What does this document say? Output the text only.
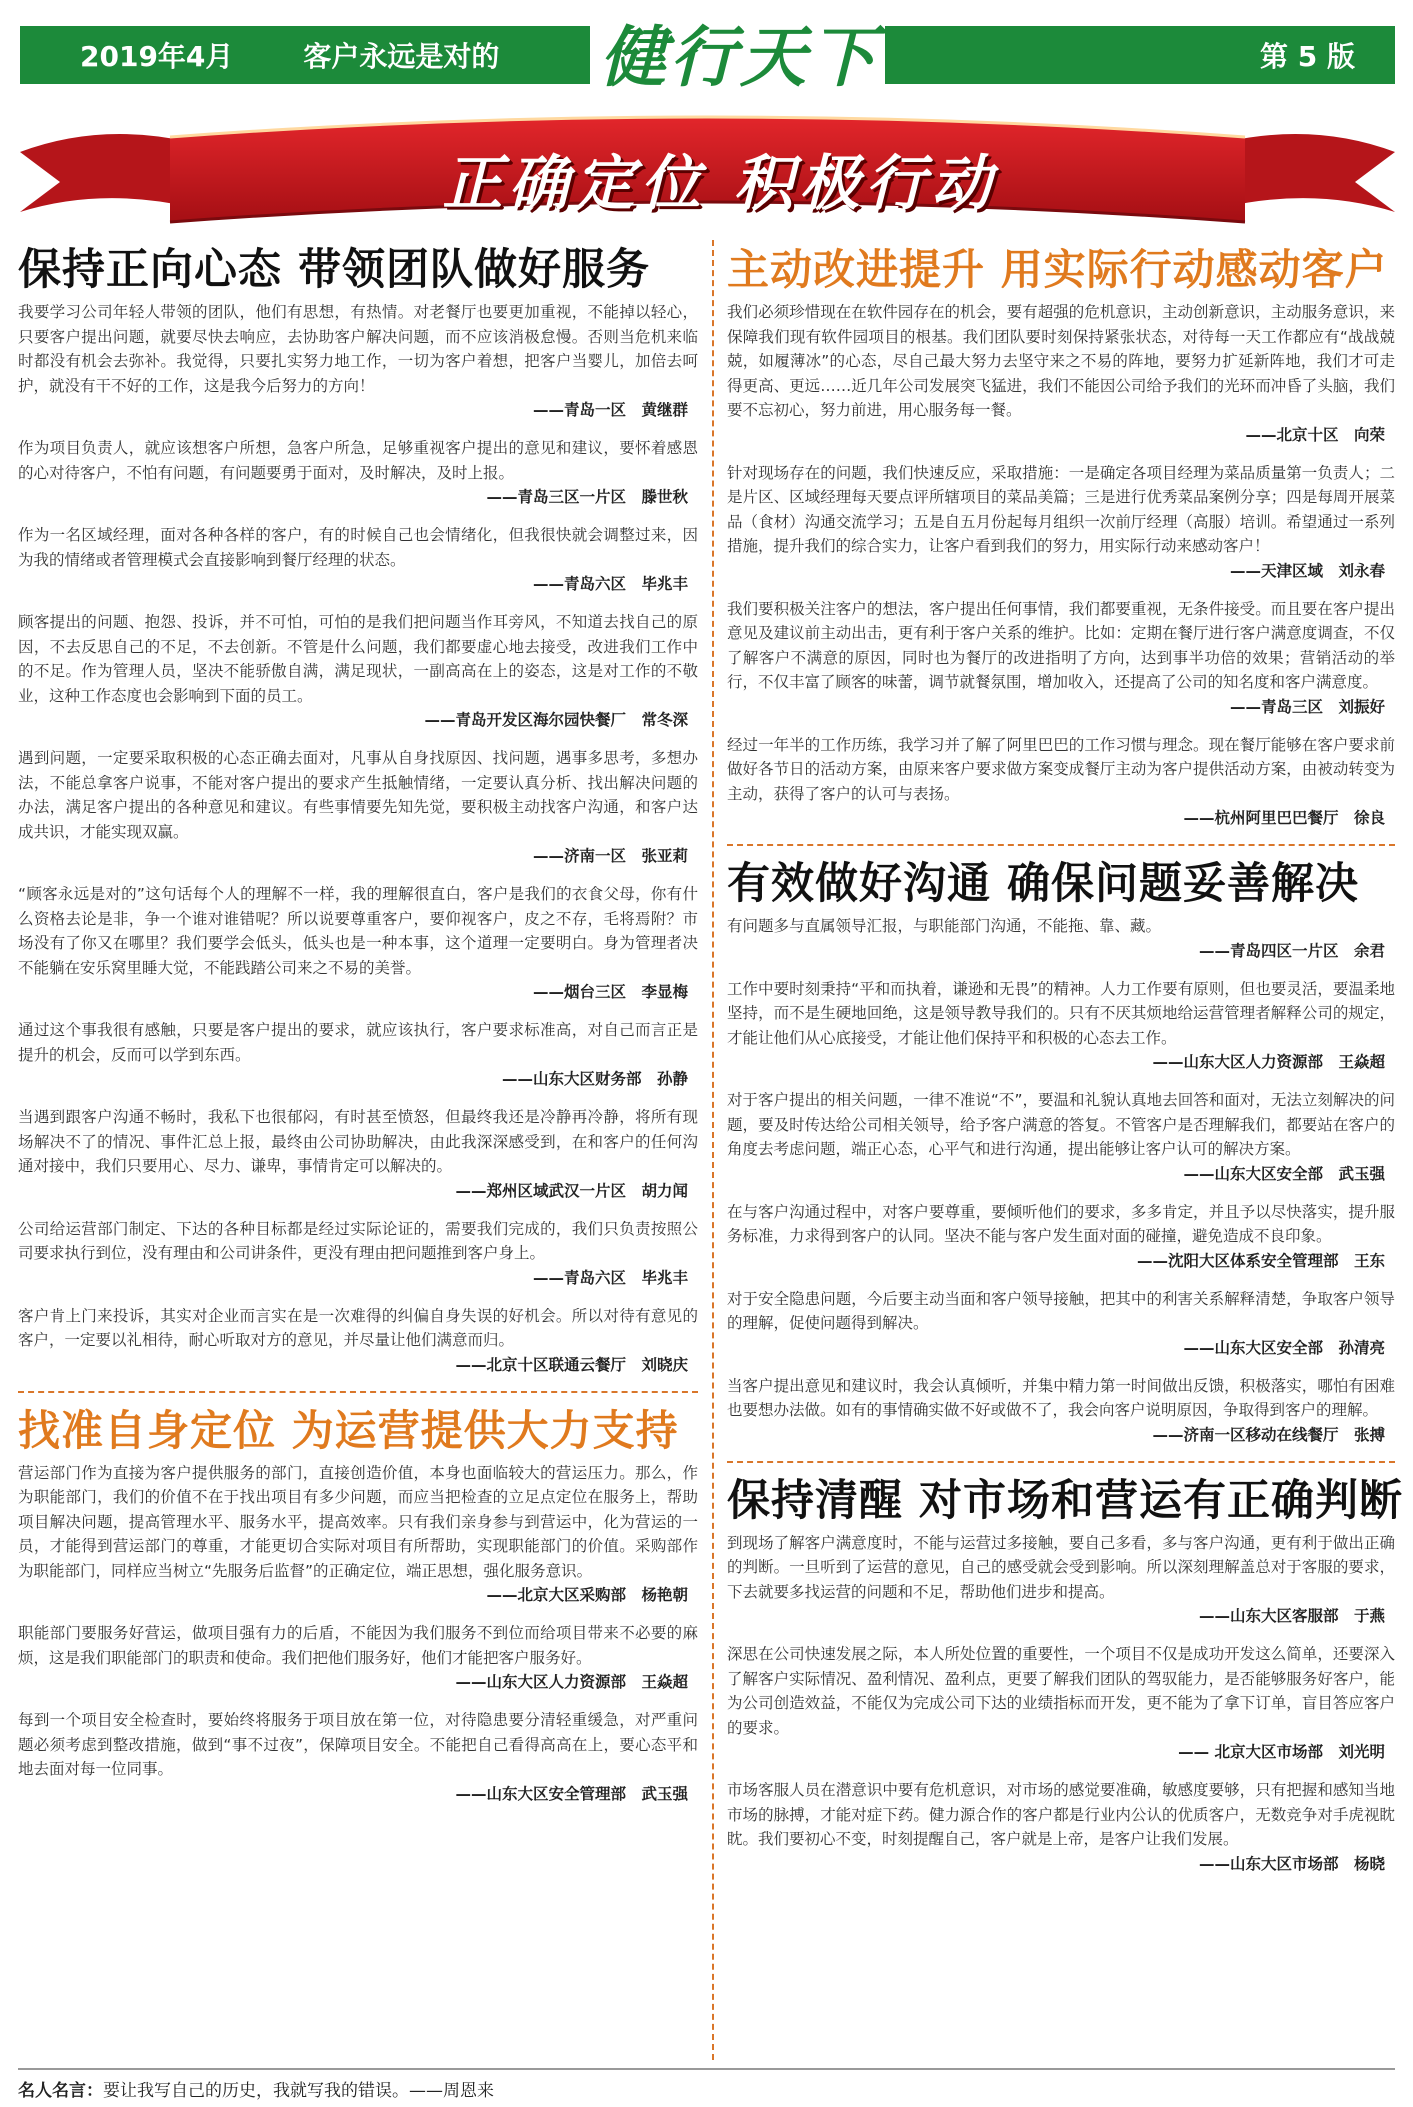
2019年4月	客户永远是对的 健行天下	第 5 版
正确定位 积极行动
保持正向心态 带领团队做好服务

我要学习公司年轻人带领的团队，他们有思想，有热情。对老餐厅也要更加重视，不能掉以轻心，只要客户提出问题，就要尽快去响应，去协助客户解决问题，而不应该消极怠慢。否则当危机来临时都没有机会去弥补。我觉得，只要扎实努力地工作，一切为客户着想，把客户当婴儿，加倍去呵护，就没有干不好的工作，这是我今后努力的方向！

——青岛一区　黄继群

作为项目负责人，就应该想客户所想，急客户所急，足够重视客户提出的意见和建议，要怀着感恩的心对待客户，不怕有问题，有问题要勇于面对，及时解决，及时上报。

——青岛三区一片区　滕世秋

作为一名区域经理，面对各种各样的客户，有的时候自己也会情绪化，但我很快就会调整过来，因为我的情绪或者管理模式会直接影响到餐厅经理的状态。

——青岛六区　毕兆丰

顾客提出的问题、抱怨、投诉，并不可怕，可怕的是我们把问题当作耳旁风，不知道去找自己的原因，不去反思自己的不足，不去创新。不管是什么问题，我们都要虚心地去接受，改进我们工作中的不足。作为管理人员，坚决不能骄傲自满，满足现状，一副高高在上的姿态，这是对工作的不敬业，这种工作态度也会影响到下面的员工。

——青岛开发区海尔园快餐厂　常冬深

遇到问题，一定要采取积极的心态正确去面对，凡事从自身找原因、找问题，遇事多思考，多想办法，不能总拿客户说事，不能对客户提出的要求产生抵触情绪，一定要认真分析、找出解决问题的办法，满足客户提出的各种意见和建议。有些事情要先知先觉，要积极主动找客户沟通，和客户达成共识，才能实现双赢。

——济南一区　张亚莉

“顾客永远是对的”这句话每个人的理解不一样，我的理解很直白，客户是我们的衣食父母，你有什么资格去论是非，争一个谁对谁错呢？所以说要尊重客户，要仰视客户，皮之不存，毛将焉附？市场没有了你又在哪里？我们要学会低头，低头也是一种本事，这个道理一定要明白。身为管理者决不能躺在安乐窝里睡大觉，不能践踏公司来之不易的美誉。

——烟台三区　李显梅

通过这个事我很有感触，只要是客户提出的要求，就应该执行，客户要求标准高，对自己而言正是提升的机会，反而可以学到东西。

——山东大区财务部　孙静

当遇到跟客户沟通不畅时，我私下也很郁闷，有时甚至愤怒，但最终我还是冷静再冷静，将所有现场解决不了的情况、事件汇总上报，最终由公司协助解决，由此我深深感受到，在和客户的任何沟通对接中，我们只要用心、尽力、谦卑，事情肯定可以解决的。

——郑州区域武汉一片区　胡力闻

公司给运营部门制定、下达的各种目标都是经过实际论证的，需要我们完成的，我们只负责按照公司要求执行到位，没有理由和公司讲条件，更没有理由把问题推到客户身上。

——青岛六区　毕兆丰

客户肯上门来投诉，其实对企业而言实在是一次难得的纠偏自身失误的好机会。所以对待有意见的客户，一定要以礼相待，耐心听取对方的意见，并尽量让他们满意而归。

——北京十区联通云餐厅　刘晓庆
找准自身定位 为运营提供大力支持

营运部门作为直接为客户提供服务的部门，直接创造价值，本身也面临较大的营运压力。那么，作为职能部门，我们的价值不在于找出项目有多少问题，而应当把检查的立足点定位在服务上，帮助项目解决问题，提高管理水平、服务水平，提高效率。只有我们亲身参与到营运中，化为营运的一员，才能得到营运部门的尊重，才能更切合实际对项目有所帮助，实现职能部门的价值。采购部作为职能部门，同样应当树立“先服务后监督”的正确定位，端正思想，强化服务意识。

——北京大区采购部　杨艳朝

职能部门要服务好营运，做项目强有力的后盾，不能因为我们服务不到位而给项目带来不必要的麻烦，这是我们职能部门的职责和使命。我们把他们服务好，他们才能把客户服务好。

——山东大区人力资源部　王焱超

每到一个项目安全检查时，要始终将服务于项目放在第一位，对待隐患要分清轻重缓急，对严重问题必须考虑到整改措施，做到“事不过夜”，保障项目安全。不能把自己看得高高在上，要心态平和地去面对每一位同事。

——山东大区安全管理部　武玉强
主动改进提升 用实际行动感动客户

我们必须珍惜现在在软件园存在的机会，要有超强的危机意识，主动创新意识，主动服务意识，来保障我们现有软件园项目的根基。我们团队要时刻保持紧张状态，对待每一天工作都应有“战战兢兢，如履薄冰”的心态，尽自己最大努力去坚守来之不易的阵地，要努力扩延新阵地，我们才可走得更高、更远……近几年公司发展突飞猛进，我们不能因公司给予我们的光环而冲昏了头脑，我们要不忘初心，努力前进，用心服务每一餐。

——北京十区　向荣

针对现场存在的问题，我们快速反应，采取措施：一是确定各项目经理为菜品质量第一负责人；二是片区、区域经理每天要点评所辖项目的菜品美篇；三是进行优秀菜品案例分享；四是每周开展菜品（食材）沟通交流学习；五是自五月份起每月组织一次前厅经理（高服）培训。希望通过一系列措施，提升我们的综合实力，让客户看到我们的努力，用实际行动来感动客户！

——天津区域　刘永春

我们要积极关注客户的想法，客户提出任何事情，我们都要重视，无条件接受。而且要在客户提出意见及建议前主动出击，更有利于客户关系的维护。比如：定期在餐厅进行客户满意度调查，不仅了解客户不满意的原因，同时也为餐厅的改进指明了方向，达到事半功倍的效果；营销活动的举行，不仅丰富了顾客的味蕾，调节就餐氛围，增加收入，还提高了公司的知名度和客户满意度。

——青岛三区　刘振好

经过一年半的工作历练，我学习并了解了阿里巴巴的工作习惯与理念。现在餐厅能够在客户要求前做好各节日的活动方案，由原来客户要求做方案变成餐厅主动为客户提供活动方案，由被动转变为主动，获得了客户的认可与表扬。

——杭州阿里巴巴餐厅　徐良
有效做好沟通 确保问题妥善解决

有问题多与直属领导汇报，与职能部门沟通，不能拖、靠、藏。

——青岛四区一片区　余君

工作中要时刻秉持“平和而执着，谦逊和无畏”的精神。人力工作要有原则，但也要灵活，要温柔地坚持，而不是生硬地回绝，这是领导教导我们的。只有不厌其烦地给运营管理者解释公司的规定，才能让他们从心底接受，才能让他们保持平和积极的心态去工作。

——山东大区人力资源部　王焱超

对于客户提出的相关问题，一律不准说“不”，要温和礼貌认真地去回答和面对，无法立刻解决的问题，要及时传达给公司相关领导，给予客户满意的答复。不管客户是否理解我们，都要站在客户的角度去考虑问题，端正心态，心平气和进行沟通，提出能够让客户认可的解决方案。

——山东大区安全部　武玉强

在与客户沟通过程中，对客户要尊重，要倾听他们的要求，多多肯定，并且予以尽快落实，提升服务标准，力求得到客户的认同。坚决不能与客户发生面对面的碰撞，避免造成不良印象。

——沈阳大区体系安全管理部　王东

对于安全隐患问题，今后要主动当面和客户领导接触，把其中的利害关系解释清楚，争取客户领导的理解，促使问题得到解决。

——山东大区安全部　孙清亮

当客户提出意见和建议时，我会认真倾听，并集中精力第一时间做出反馈，积极落实，哪怕有困难也要想办法做。如有的事情确实做不好或做不了，我会向客户说明原因，争取得到客户的理解。

——济南一区移动在线餐厅　张搏
保持清醒 对市场和营运有正确判断

到现场了解客户满意度时，不能与运营过多接触，要自己多看，多与客户沟通，更有利于做出正确的判断。一旦听到了运营的意见，自己的感受就会受到影响。所以深刻理解盖总对于客服的要求，下去就要多找运营的问题和不足，帮助他们进步和提高。

——山东大区客服部　于燕

深思在公司快速发展之际，本人所处位置的重要性，一个项目不仅是成功开发这么简单，还要深入了解客户实际情况、盈利情况、盈利点，更要了解我们团队的驾驭能力，是否能够服务好客户，能为公司创造效益，不能仅为完成公司下达的业绩指标而开发，更不能为了拿下订单，盲目答应客户的要求。

—— 北京大区市场部　刘光明

市场客服人员在潜意识中要有危机意识，对市场的感觉要准确，敏感度要够，只有把握和感知当地市场的脉搏，才能对症下药。健力源合作的客户都是行业内公认的优质客户，无数竞争对手虎视眈眈。我们要初心不变，时刻提醒自己，客户就是上帝，是客户让我们发展。

——山东大区市场部　杨晓
名人名言：要让我写自己的历史，我就写我的错误。——周恩来
